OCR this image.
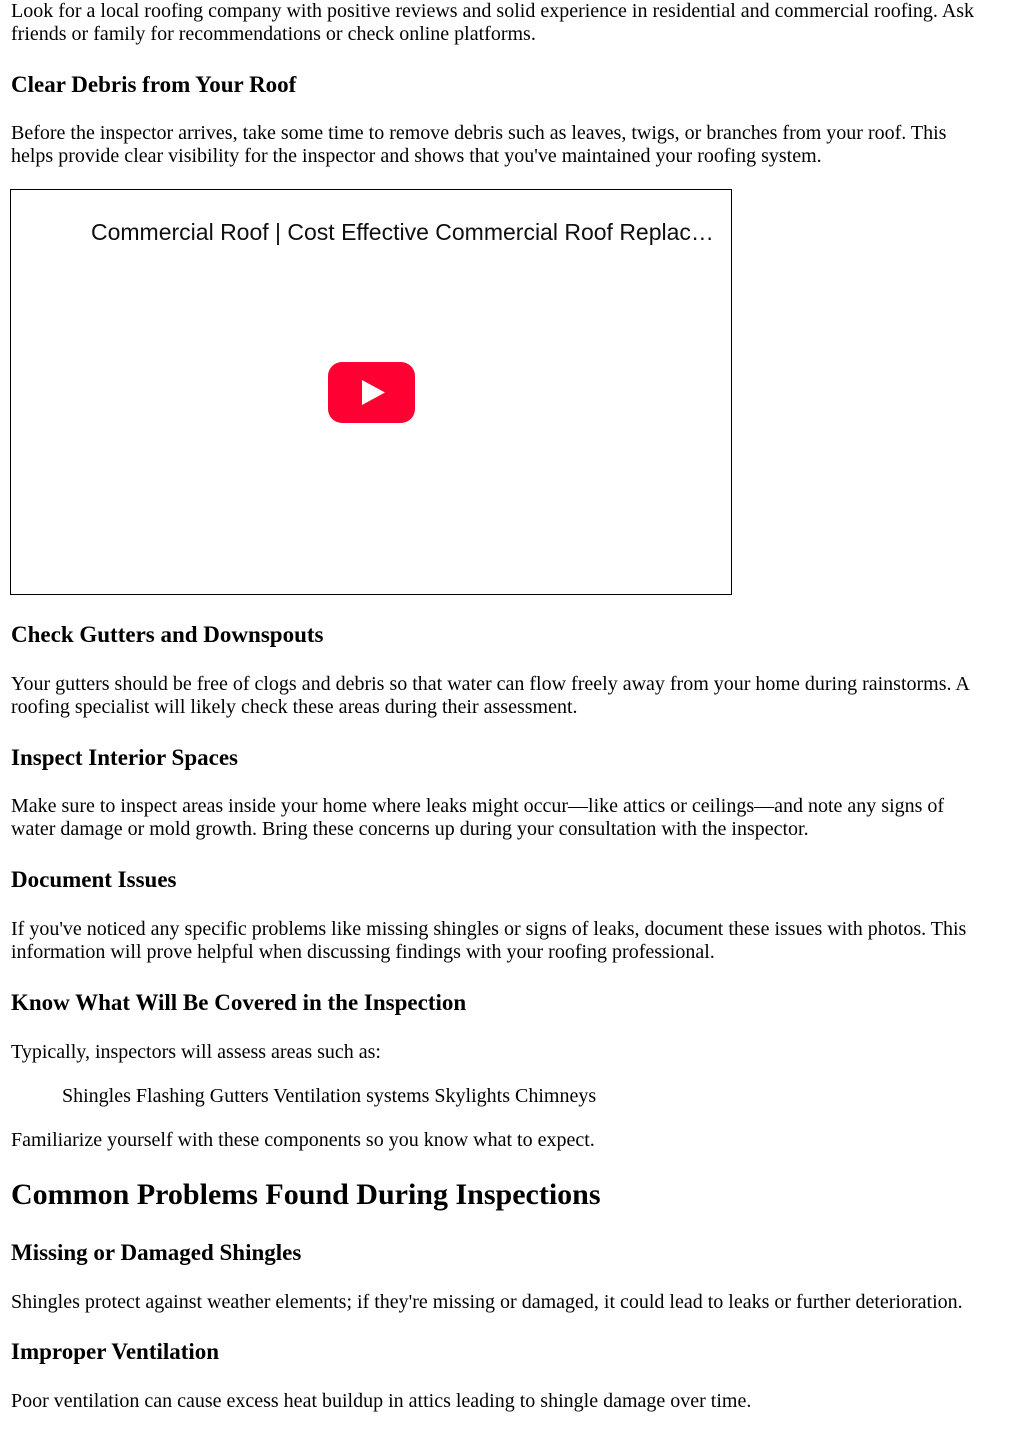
Look for a local roofing company with positive reviews and solid experience in residential and commercial roofing. Ask

friends or family for recommendations or check online platforms.

Clear Debris from Your Roof

Before the inspector arrives, take some time to remove debris such as leaves, twigs, or branches from your roof. This

helps provide clear visibility for the inspector and shows that you've maintained your roofing system.

Commercial Roof | Cost Effective Commercial Roof Replac…
Check Gutters and Downspouts

Your gutters should be free of clogs and debris so that water can flow freely away from your home during rainstorms. A

roofing specialist will likely check these areas during their assessment.

Inspect Interior Spaces

Make sure to inspect areas inside your home where leaks might occur—like attics or ceilings—and note any signs of

water damage or mold growth. Bring these concerns up during your consultation with the inspector.

Document Issues

If you've noticed any specific problems like missing shingles or signs of leaks, document these issues with photos. This

information will prove helpful when discussing findings with your roofing professional.

Know What Will Be Covered in the Inspection

Typically, inspectors will assess areas such as:

Shingles Flashing Gutters Ventilation systems Skylights Chimneys

Familiarize yourself with these components so you know what to expect.

Common Problems Found During Inspections
Missing or Damaged Shingles

Shingles protect against weather elements; if they're missing or damaged, it could lead to leaks or further deterioration.

Improper Ventilation

Poor ventilation can cause excess heat buildup in attics leading to shingle damage over time.
